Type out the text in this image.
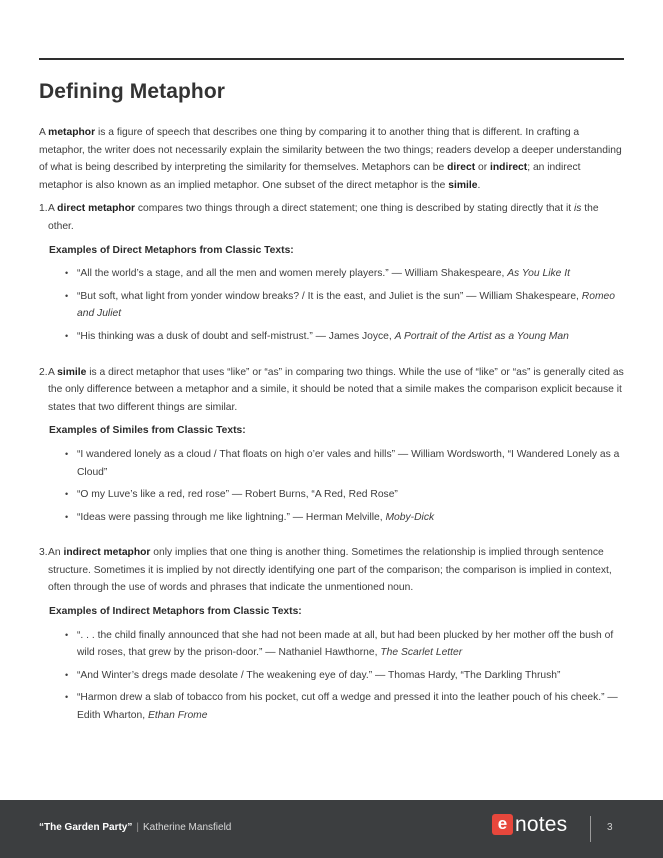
Defining Metaphor

A metaphor is a figure of speech that describes one thing by comparing it to another thing that is different. In crafting a metaphor, the writer does not necessarily explain the similarity between the two things; readers develop a deeper understanding of what is being described by interpreting the similarity for themselves. Metaphors can be direct or indirect; an indirect metaphor is also known as an implied metaphor. One subset of the direct metaphor is the simile.

1. A direct metaphor compares two things through a direct statement; one thing is described by stating directly that it is the other.

Examples of Direct Metaphors from Classic Texts:

• “All the world’s a stage, and all the men and women merely players.” — William Shakespeare, As You Like It
• “But soft, what light from yonder window breaks? / It is the east, and Juliet is the sun” — William Shakespeare, Romeo and Juliet
• “His thinking was a dusk of doubt and self-mistrust.” — James Joyce, A Portrait of the Artist as a Young Man
2. A simile is a direct metaphor that uses “like” or “as” in comparing two things. While the use of “like” or “as” is generally cited as the only difference between a metaphor and a simile, it should be noted that a simile makes the comparison explicit because it states that two different things are similar.

Examples of Similes from Classic Texts:

• “I wandered lonely as a cloud / That floats on high o’er vales and hills” — William Wordsworth, “I Wandered Lonely as a Cloud”
• “O my Luve’s like a red, red rose” — Robert Burns, “A Red, Red Rose”
• “Ideas were passing through me like lightning.” — Herman Melville, Moby-Dick
3. An indirect metaphor only implies that one thing is another thing. Sometimes the relationship is implied through sentence structure. Sometimes it is implied by not directly identifying one part of the comparison; the comparison is implied in context, often through the use of words and phrases that indicate the unmentioned noun.

Examples of Indirect Metaphors from Classic Texts:

• “. . . the child finally announced that she had not been made at all, but had been plucked by her mother off the bush of wild roses, that grew by the prison-door.” — Nathaniel Hawthorne, The Scarlet Letter
• “And Winter’s dregs made desolate / The weakening eye of day.” — Thomas Hardy, “The Darkling Thrush”
• “Harmon drew a slab of tobacco from his pocket, cut off a wedge and pressed it into the leather pouch of his cheek.” — Edith Wharton, Ethan Frome
“The Garden Party” | Katherine Mansfield	e notes	3
